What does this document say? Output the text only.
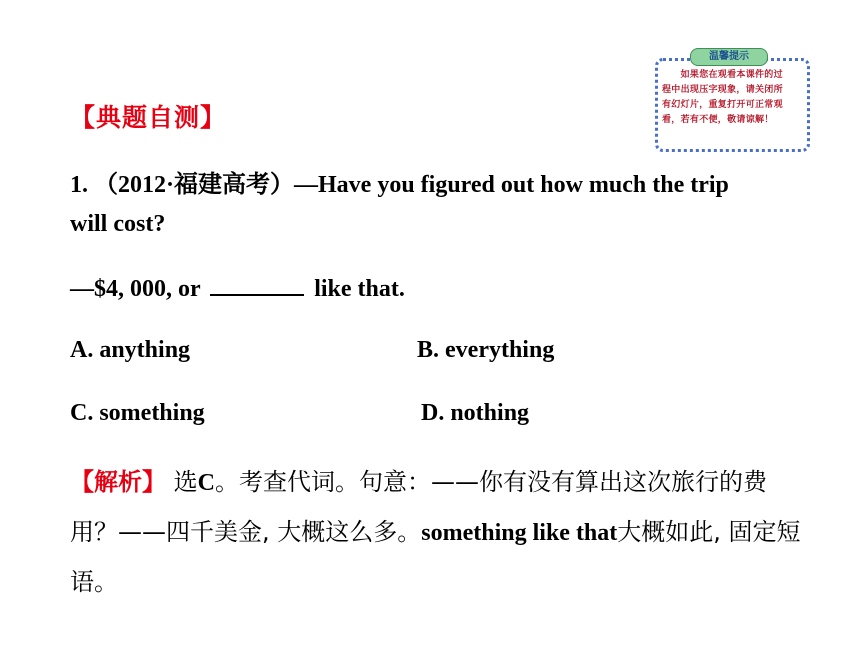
温馨提示
　　如果您在观看本课件的过
程中出现压字现象，请关闭所
有幻灯片，重复打开可正常观
看，若有不便，敬请谅解！
【典题自测】
1. （2012·福建高考）—Have you figured out how much the trip
will cost?
—$4, 000, or	like that.
A. anything	B. everything
C. something	D. nothing
【解析】 选C。考查代词。句意：——你有没有算出这次旅行的费用？——四千美金, 大概这么多。something like that大概如此, 固定短语。
